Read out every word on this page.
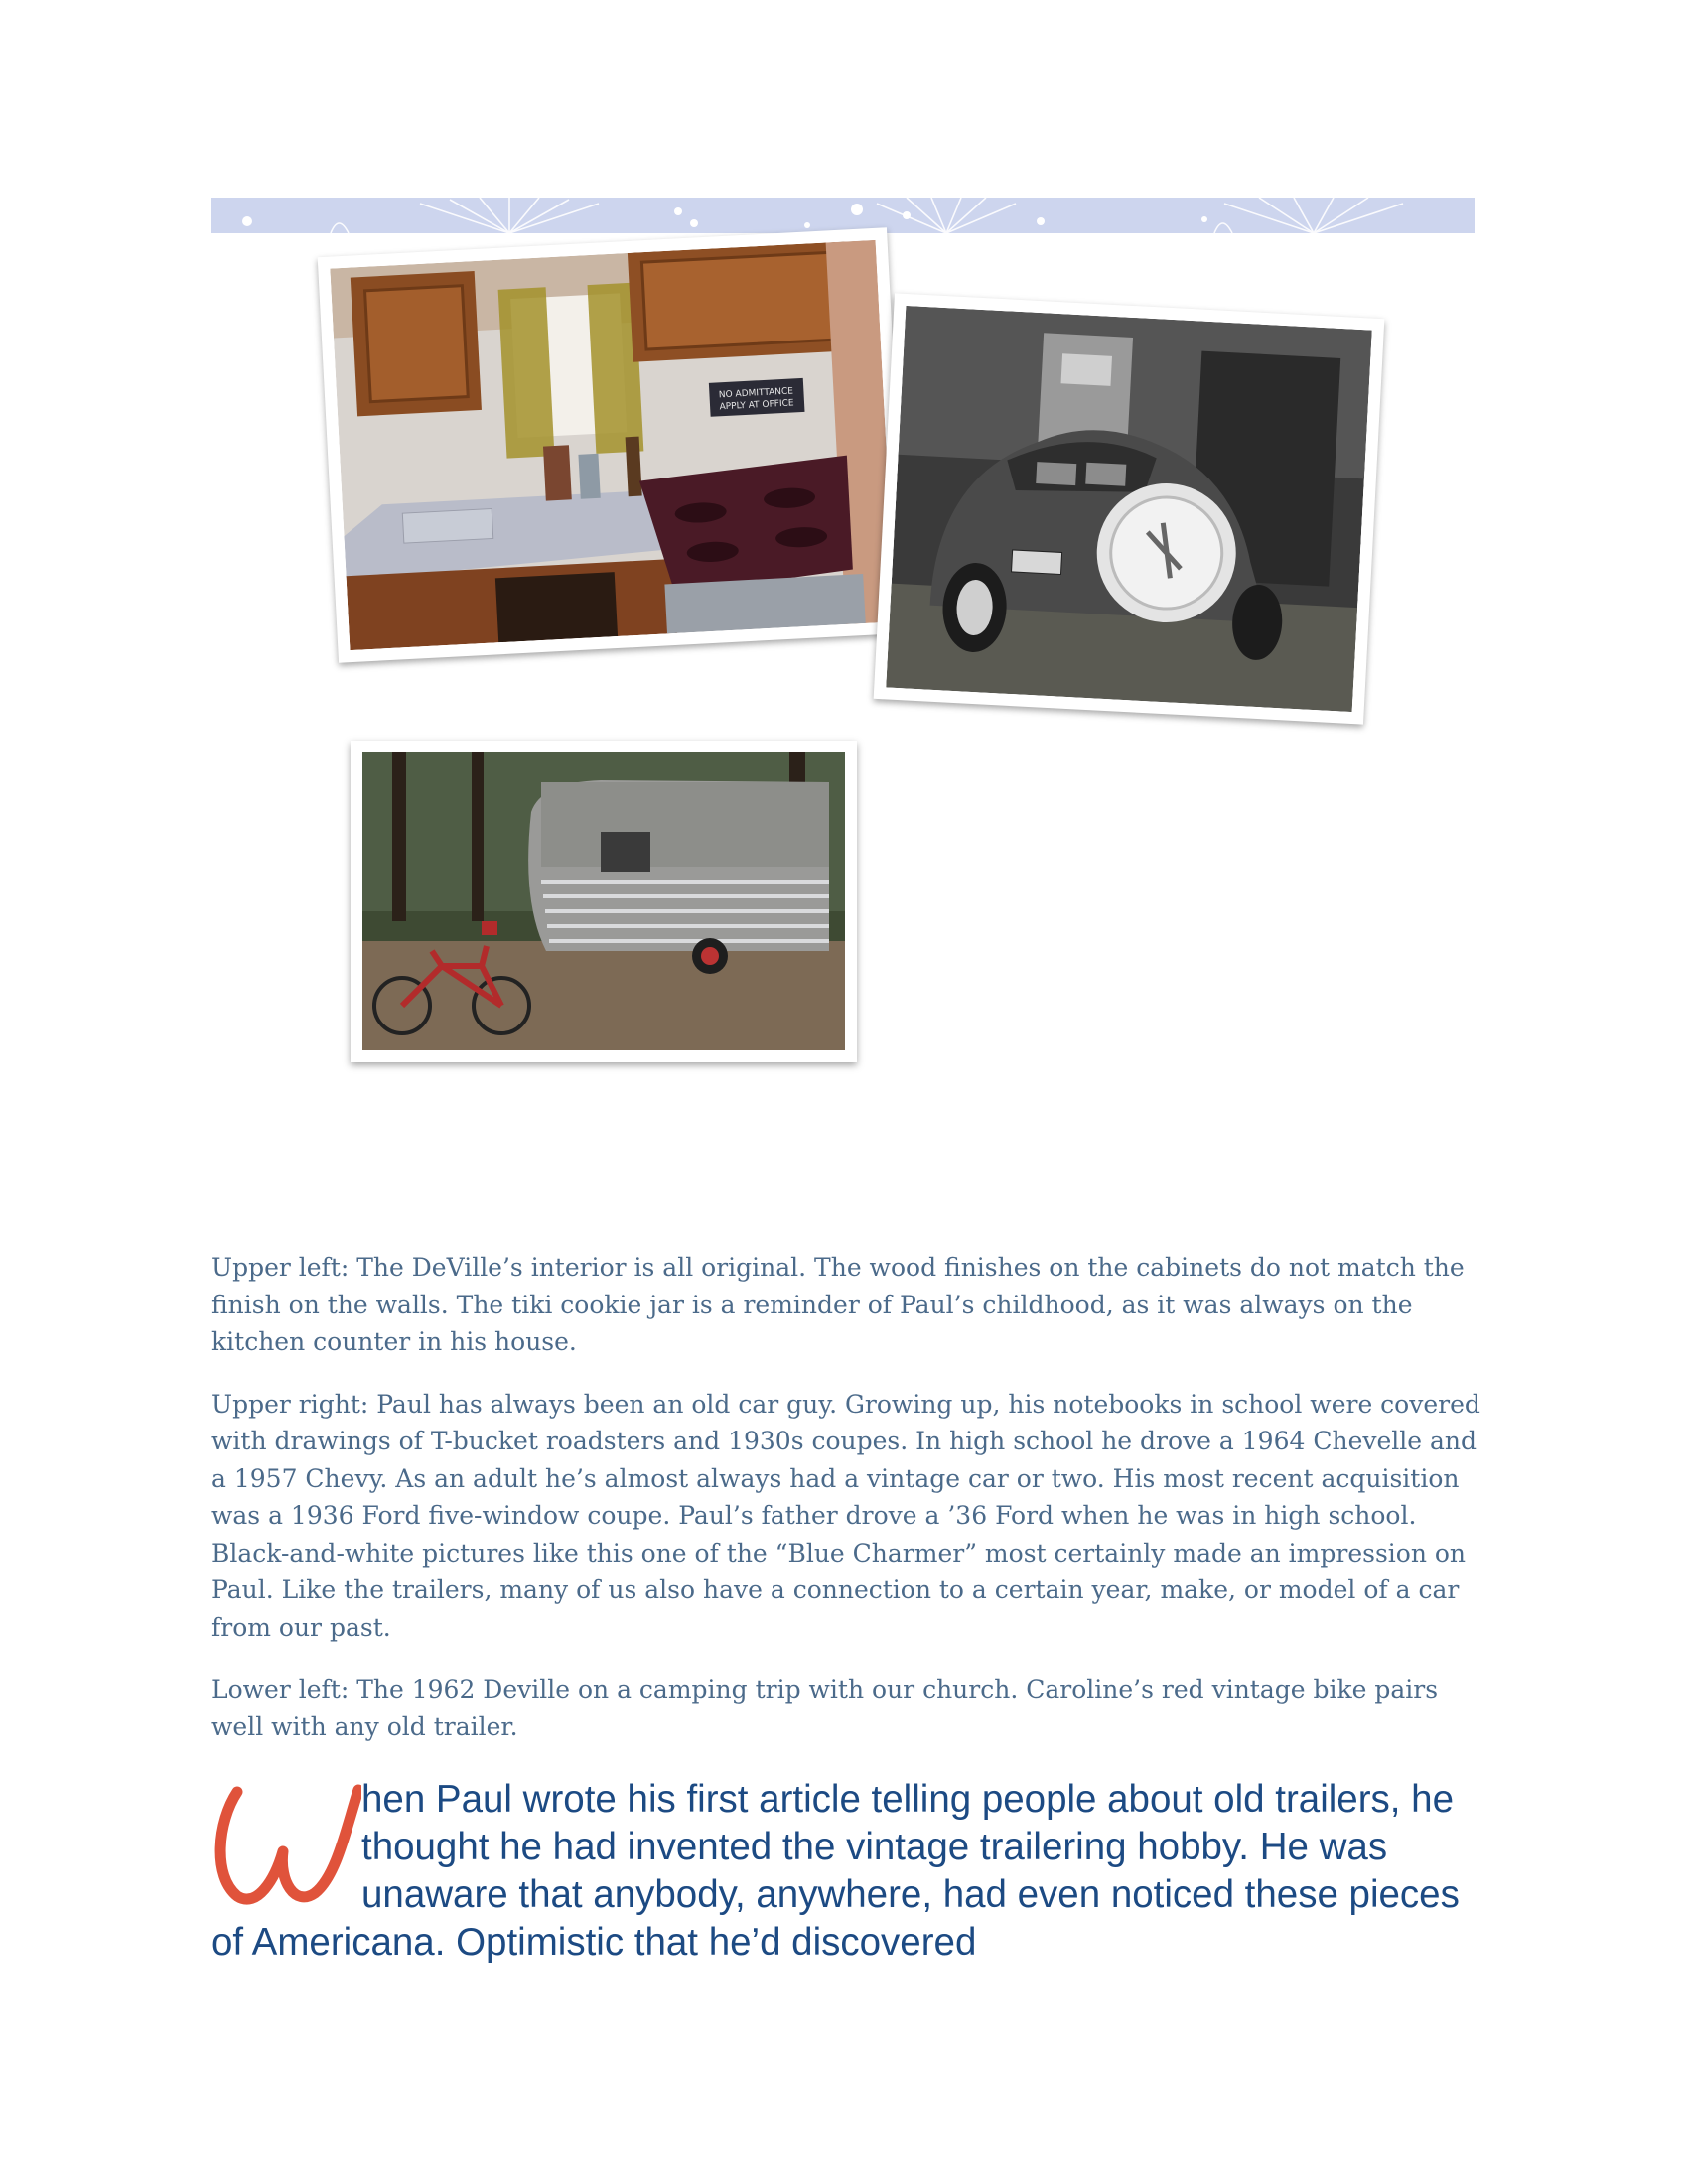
NO ADMITTANCE
APPLY AT OFFICE

Upper left: The DeVille’s interior is all original. The wood finishes on the cabinets do not match the finish on the walls. The tiki cookie jar is a reminder of Paul’s childhood, as it was always on the kitchen counter in his house.

Upper right: Paul has always been an old car guy. Growing up, his notebooks in school were covered with drawings of T-bucket roadsters and 1930s coupes. In high school he drove a 1964 Chevelle and a 1957 Chevy. As an adult he’s almost always had a vintage car or two. His most recent acquisition was a 1936 Ford five-window coupe. Paul’s father drove a ’36 Ford when he was in high school. Black-and-white pictures like this one of the “Blue Charmer” most certainly made an impression on Paul. Like the trailers, many of us also have a connection to a certain year, make, or model of a car from our past.

Lower left: The 1962 Deville on a camping trip with our church. Caroline’s red vintage bike pairs well with any old trailer.

W	hen Paul wrote his first article telling people about old trailers, he thought he had invented the vintage trailering hobby. He was unaware that anybody, anywhere, had even noticed these pieces of Americana. Optimistic that he’d discovered
